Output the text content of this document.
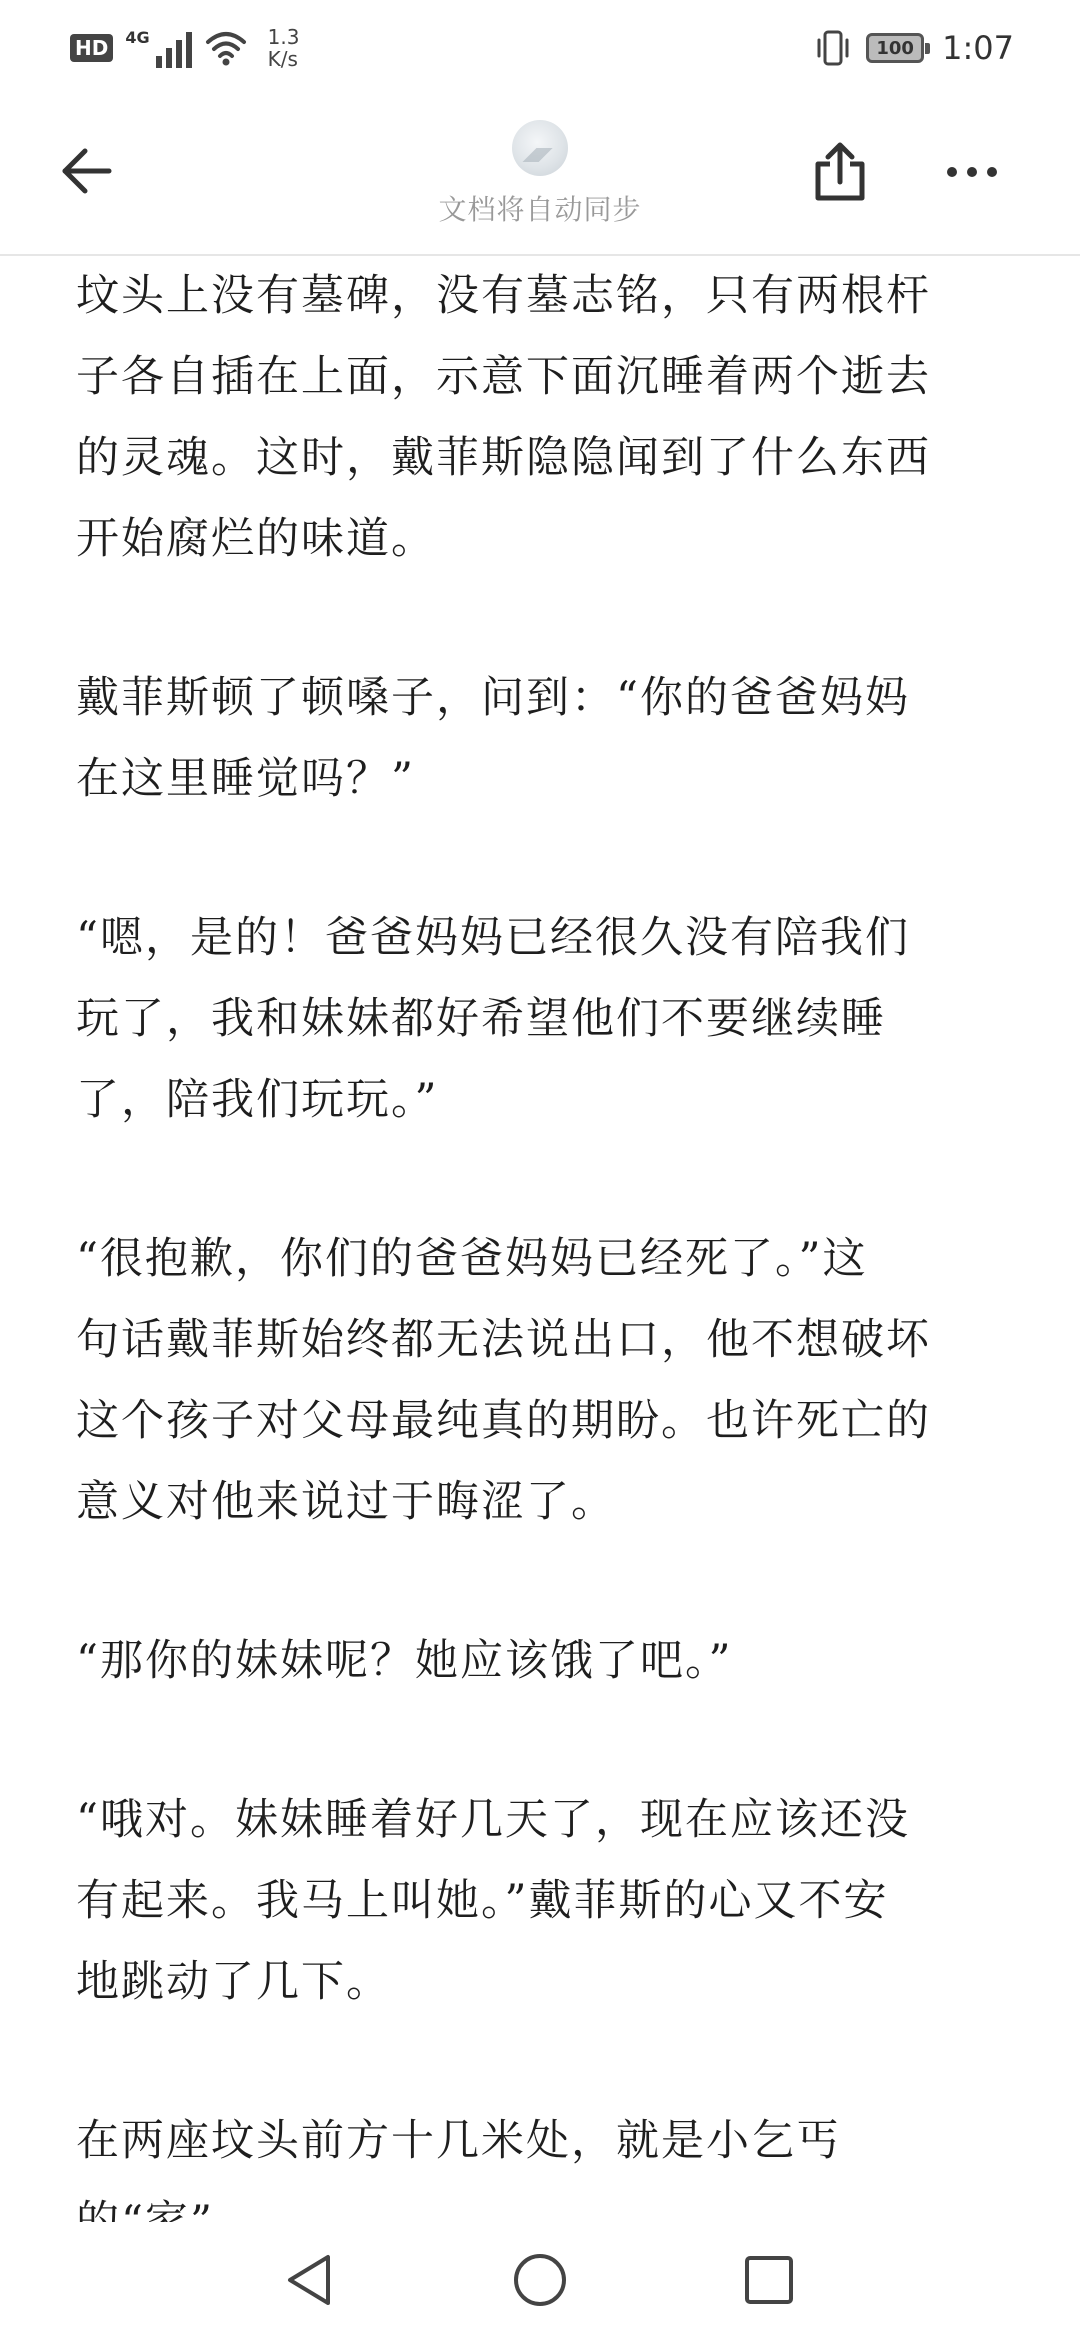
HD	4G	1.3
K/s	100 1:07
文档将自动同步

坟头上没有墓碑，没有墓志铭，只有两根杆
子各自插在上面，示意下面沉睡着两个逝去
的灵魂。这时，戴菲斯隐隐闻到了什么东西
开始腐烂的味道。

戴菲斯顿了顿嗓子，问到：“你的爸爸妈妈
在这里睡觉吗？”

“嗯，是的！爸爸妈妈已经很久没有陪我们
玩了，我和妹妹都好希望他们不要继续睡
了，陪我们玩玩。”

“很抱歉，你们的爸爸妈妈已经死了。”这
句话戴菲斯始终都无法说出口，他不想破坏
这个孩子对父母最纯真的期盼。也许死亡的
意义对他来说过于晦涩了。

“那你的妹妹呢？她应该饿了吧。”

“哦对。妹妹睡着好几天了，现在应该还没
有起来。我马上叫她。”戴菲斯的心又不安
地跳动了几下。

在两座坟头前方十几米处，就是小乞丐
